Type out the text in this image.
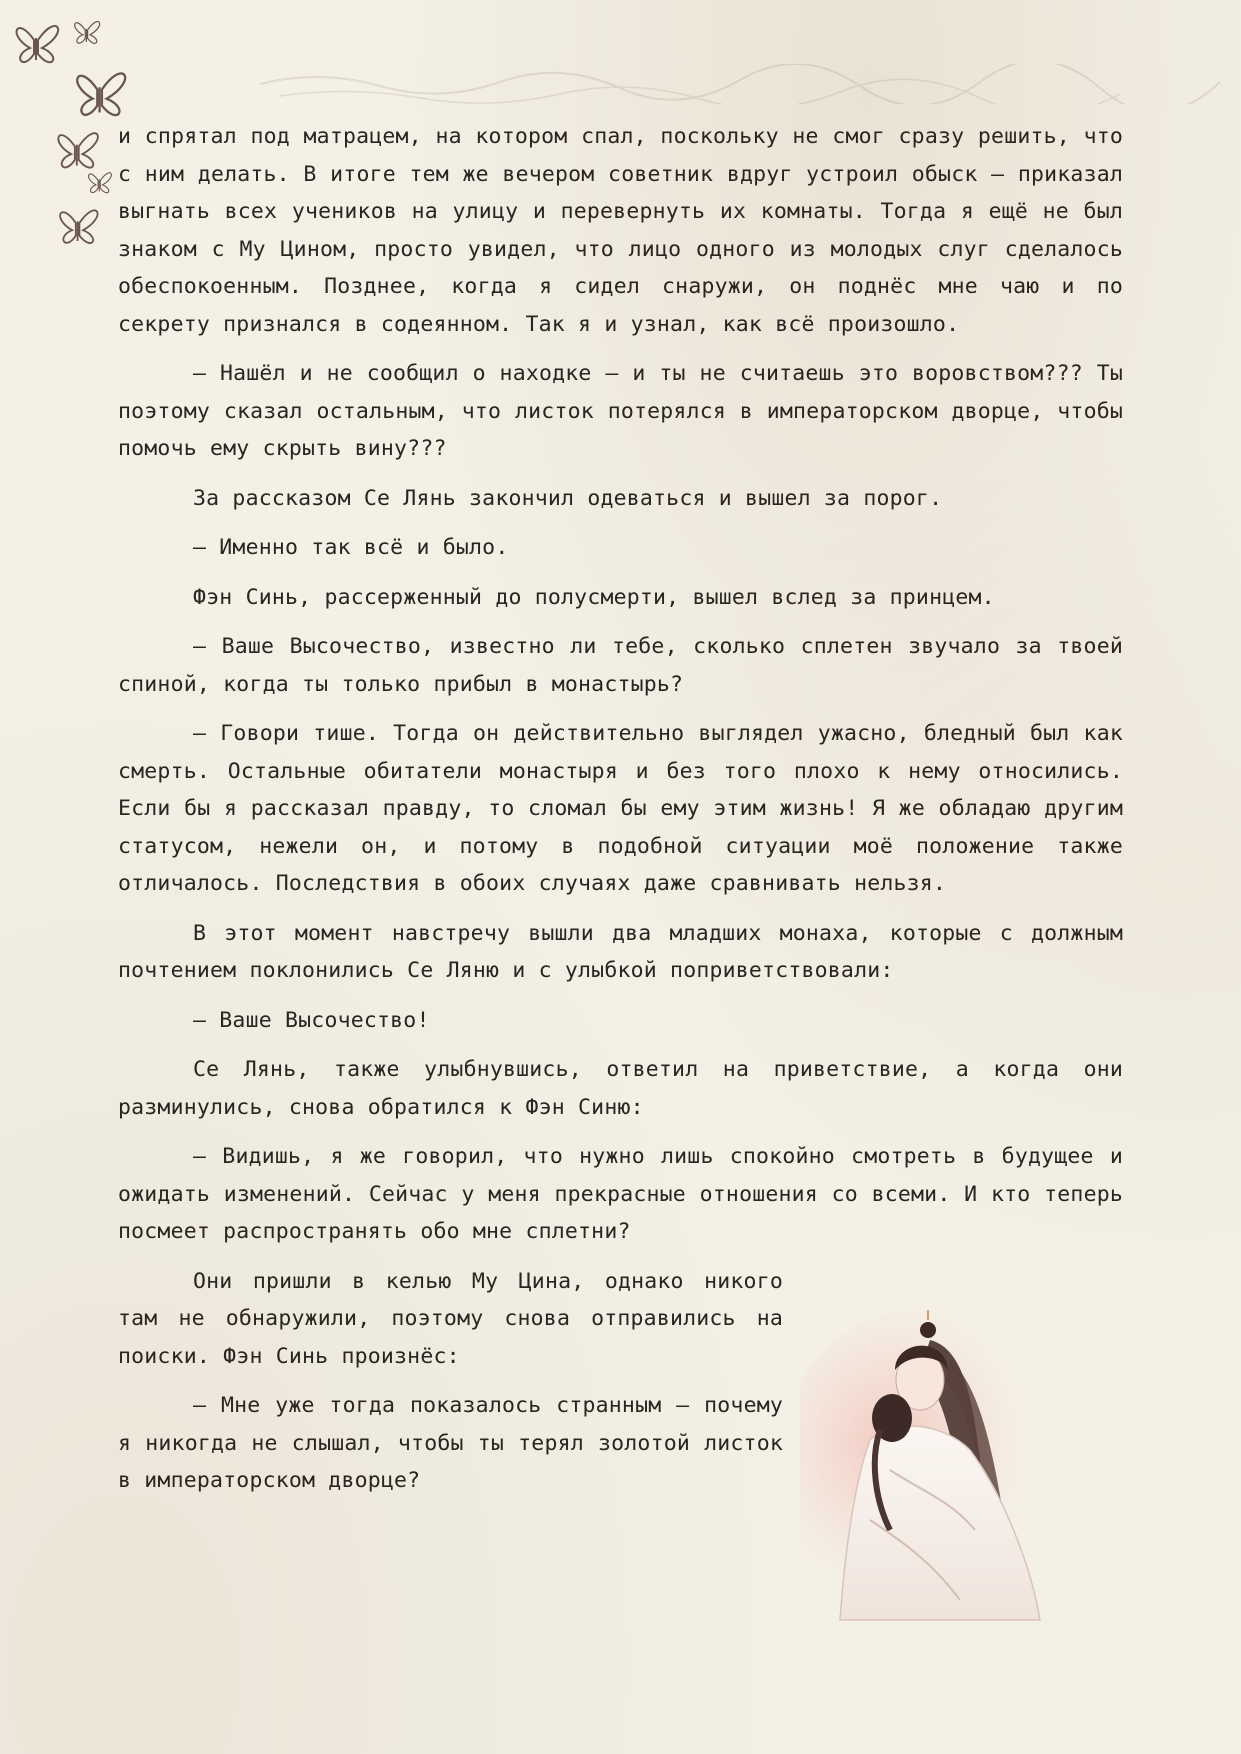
и спрятал под матрацем, на котором спал, поскольку не смог сразу решить, что с ним делать. В итоге тем же вечером советник вдруг устроил обыск — приказал выгнать всех учеников на улицу и перевернуть их комнаты. Тогда я ещё не был знаком с Му Цином, просто увидел, что лицо одного из молодых слуг сделалось обеспокоенным. Позднее, когда я сидел снаружи, он поднёс мне чаю и по секрету признался в содеянном. Так я и узнал, как всё произошло.

— Нашёл и не сообщил о находке — и ты не считаешь это воровством??? Ты поэтому сказал остальным, что листок потерялся в императорском дворце, чтобы помочь ему скрыть вину???

За рассказом Се Лянь закончил одеваться и вышел за порог.

— Именно так всё и было.

Фэн Синь, рассерженный до полусмерти, вышел вслед за принцем.

— Ваше Высочество, известно ли тебе, сколько сплетен звучало за твоей спиной, когда ты только прибыл в монастырь?

— Говори тише. Тогда он действительно выглядел ужасно, бледный был как смерть. Остальные обитатели монастыря и без того плохо к нему относились. Если бы я рассказал правду, то сломал бы ему этим жизнь! Я же обладаю другим статусом, нежели он, и потому в подобной ситуации моё положение также отличалось. Последствия в обоих случаях даже сравнивать нельзя.

В этот момент навстречу вышли два младших монаха, которые с должным почтением поклонились Се Ляню и с улыбкой поприветствовали:

— Ваше Высочество!

Се Лянь, также улыбнувшись, ответил на приветствие, а когда они разминулись, снова обратился к Фэн Синю:

— Видишь, я же говорил, что нужно лишь спокойно смотреть в будущее и ожидать изменений. Сейчас у меня прекрасные отношения со всеми. И кто теперь посмеет распространять обо мне сплетни?

Они пришли в келью Му Цина, однако никого там не обнаружили, поэтому снова отправились на поиски. Фэн Синь произнёс:

— Мне уже тогда показалось странным — почему я никогда не слышал, чтобы ты терял золотой листок в императорском дворце?
